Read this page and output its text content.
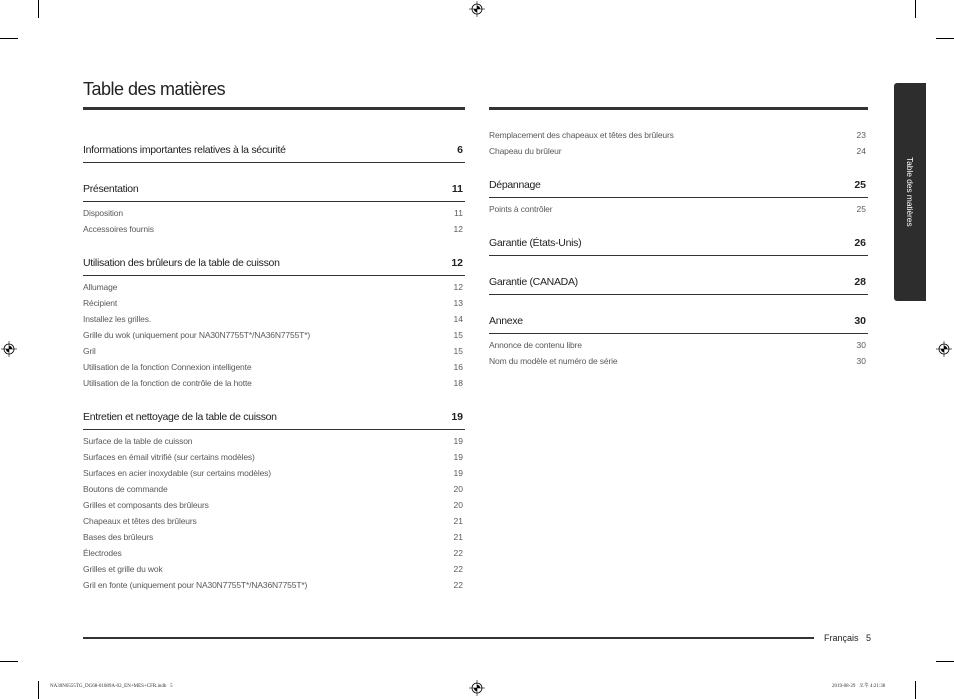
Table des matières
Informations importantes relatives à la sécurité	6
Présentation	11
Disposition	11
Accessoires fournis	12
Utilisation des brûleurs de la table de cuisson	12
Allumage	12
Récipient	13
Installez les grilles.	14
Grille du wok (uniquement pour NA30N7755T*/NA36N7755T*)	15
Gril	15
Utilisation de la fonction Connexion intelligente	16
Utilisation de la fonction de contrôle de la hotte	18
Entretien et nettoyage de la table de cuisson	19
Surface de la table de cuisson	19
Surfaces en émail vitrifié (sur certains modèles)	19
Surfaces en acier inoxydable (sur certains modèles)	19
Boutons de commande	20
Grilles et composants des brûleurs	20
Chapeaux et têtes des brûleurs	21
Bases des brûleurs	21
Électrodes	22
Grilles et grille du wok	22
Gril en fonte (uniquement pour NA30N7755T*/NA36N7755T*)	22
Remplacement des chapeaux et têtes des brûleurs	23
Chapeau du brûleur	24
Dépannage	25
Points à contrôler	25
Garantie (États-Unis)	26
Garantie (CANADA)	28
Annexe	30
Annonce de contenu libre	30
Nom du modèle et numéro de série	30
Table des matières
Français 5
NA30N6555TG_DG68-01089A-02_EN+MES+CFR.indb   5	2019-08-29   오후 4:21:38
